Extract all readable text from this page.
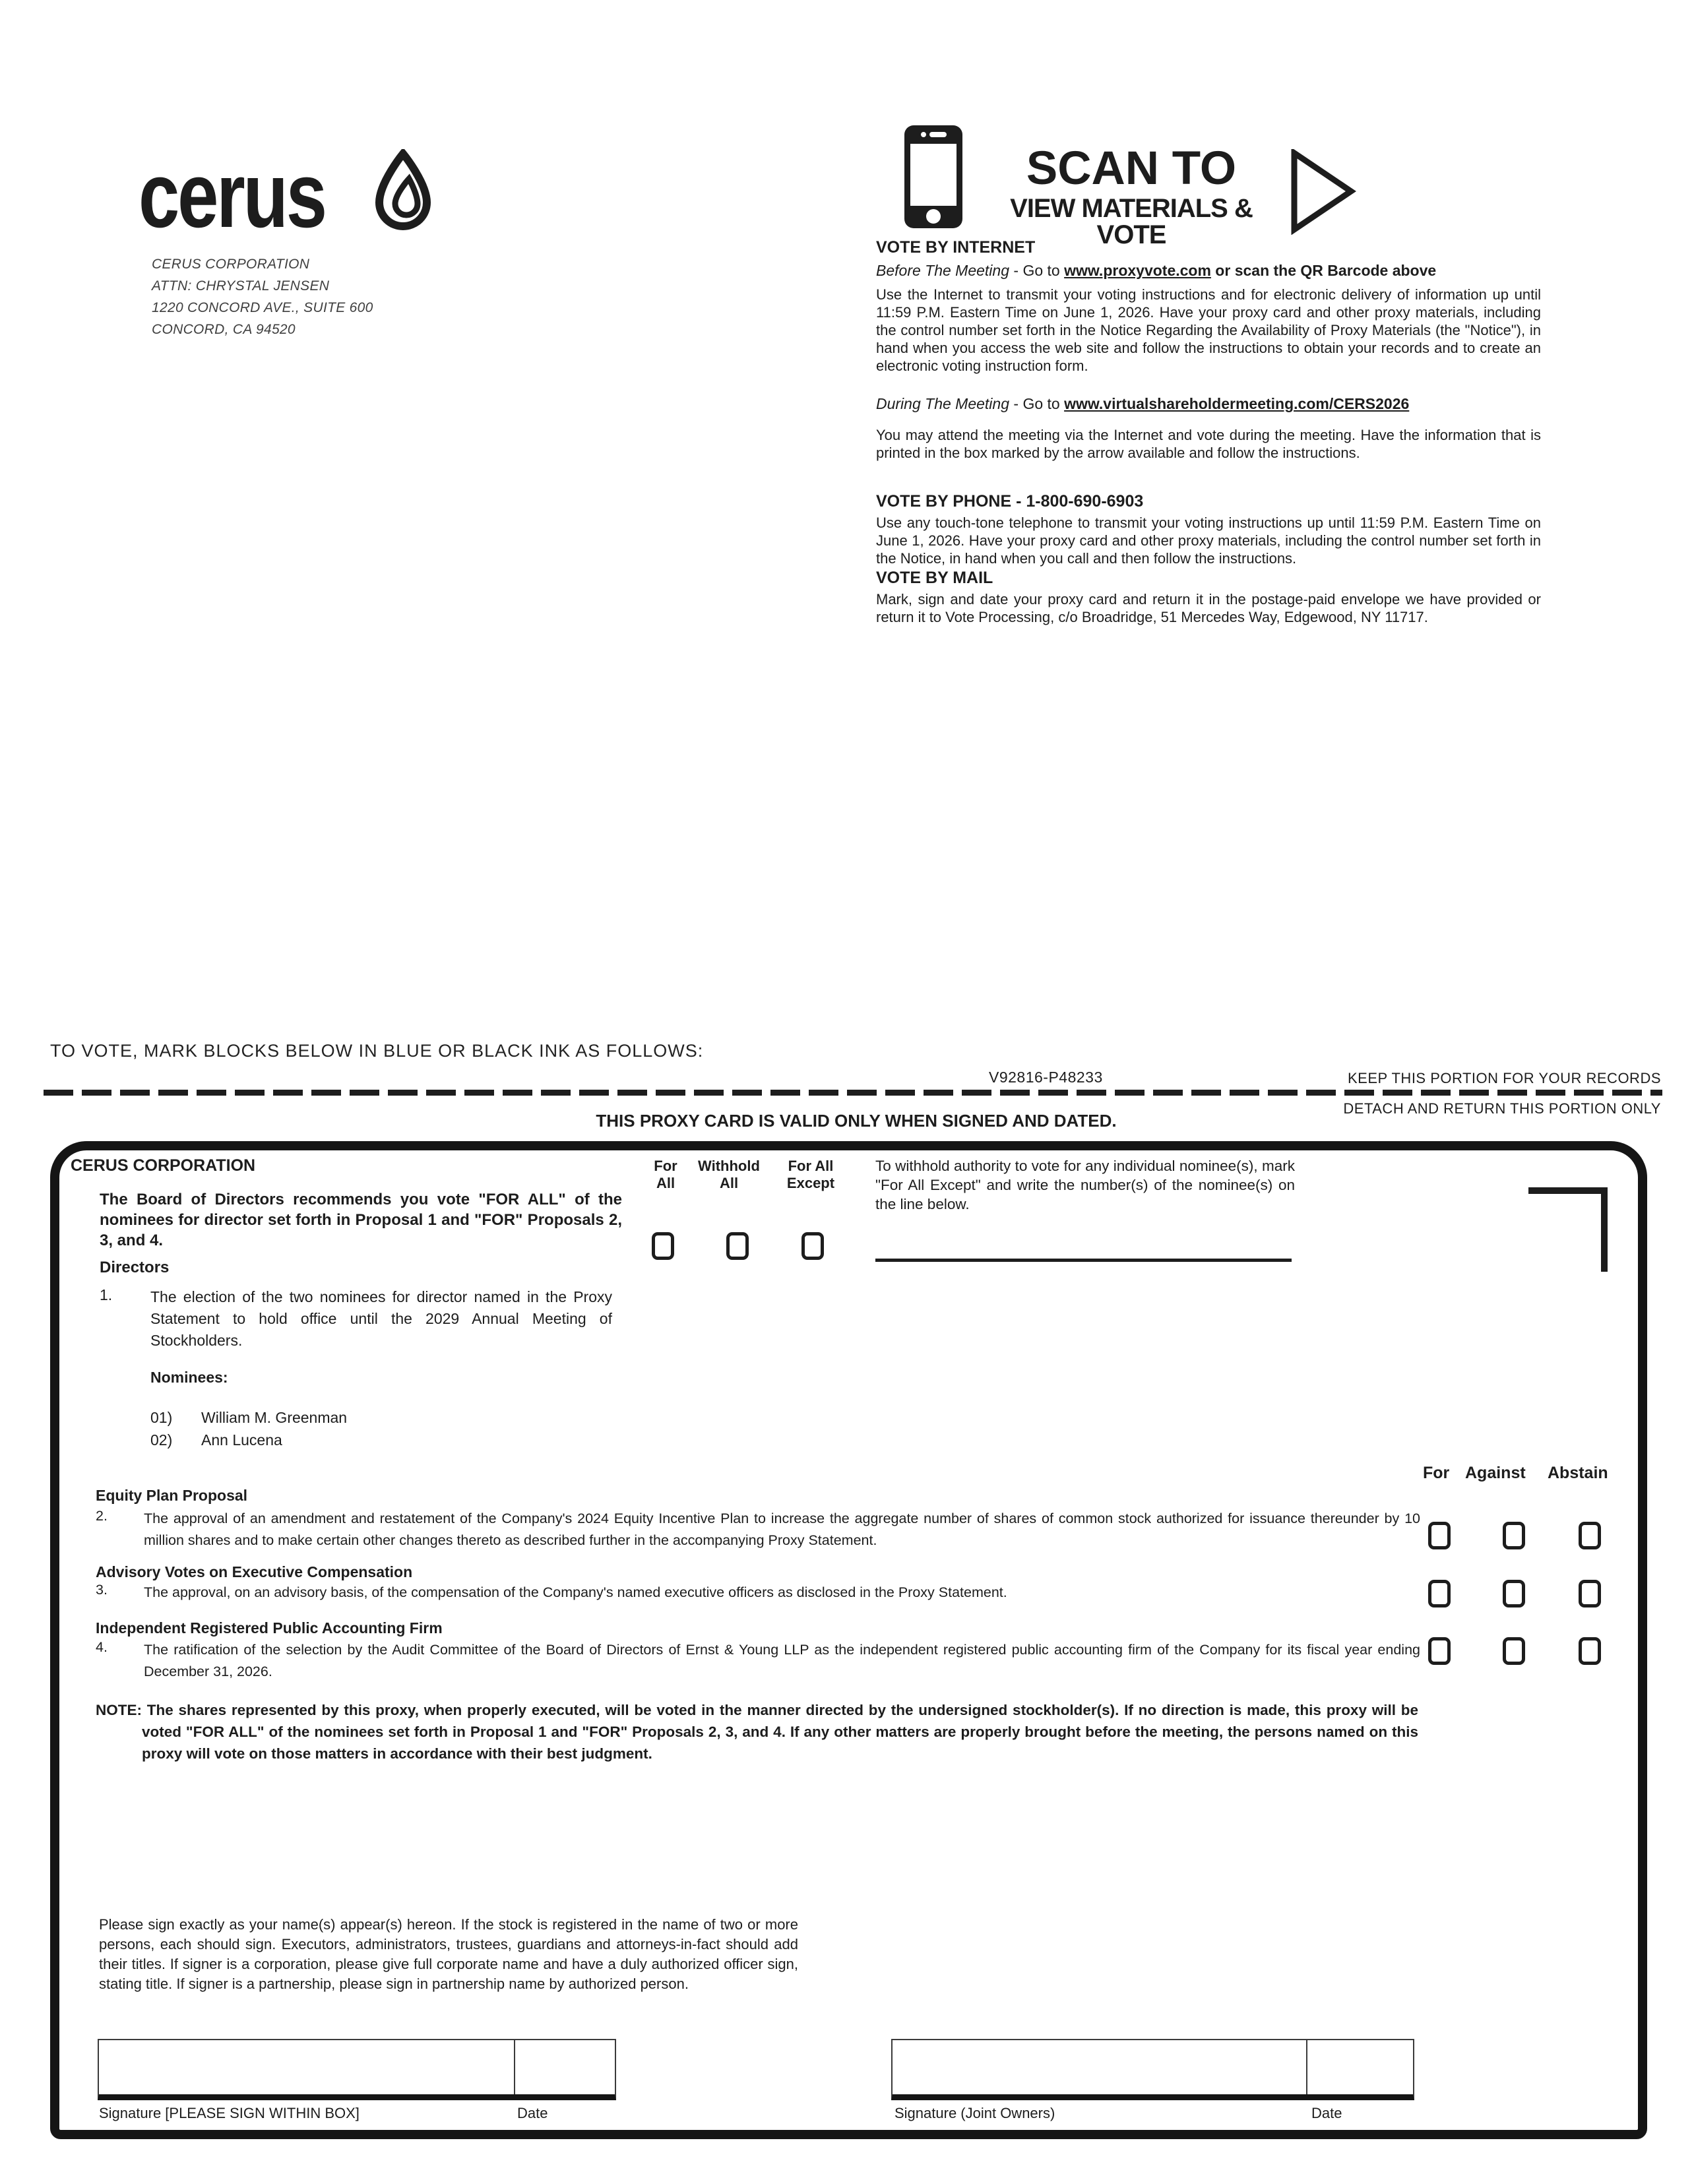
cerus
CERUS CORPORATION
ATTN: CHRYSTAL JENSEN
1220 CONCORD AVE., SUITE 600
CONCORD, CA 94520
SCAN TO
VIEW MATERIALS & VOTE
VOTE BY INTERNET
Before The Meeting - Go to www.proxyvote.com or scan the QR Barcode above
Use the Internet to transmit your voting instructions and for electronic delivery of information up until 11:59 P.M. Eastern Time on June 1, 2026. Have your proxy card and other proxy materials, including the control number set forth in the Notice Regarding the Availability of Proxy Materials (the "Notice"), in hand when you access the web site and follow the instructions to obtain your records and to create an electronic voting instruction form.
During The Meeting - Go to www.virtualshareholdermeeting.com/CERS2026
You may attend the meeting via the Internet and vote during the meeting. Have the information that is printed in the box marked by the arrow available and follow the instructions.
VOTE BY PHONE - 1-800-690-6903
Use any touch-tone telephone to transmit your voting instructions up until 11:59 P.M. Eastern Time on June 1, 2026. Have your proxy card and other proxy materials, including the control number set forth in the Notice, in hand when you call and then follow the instructions.
VOTE BY MAIL
Mark, sign and date your proxy card and return it in the postage-paid envelope we have provided or return it to Vote Processing, c/o Broadridge, 51 Mercedes Way, Edgewood, NY 11717.
TO VOTE, MARK BLOCKS BELOW IN BLUE OR BLACK INK AS FOLLOWS:
V92816-P48233	KEEP THIS PORTION FOR YOUR RECORDS
THIS PROXY CARD IS VALID ONLY WHEN SIGNED AND DATED.
DETACH AND RETURN THIS PORTION ONLY
CERUS CORPORATION
The Board of Directors recommends you vote "FOR ALL" of the nominees for director set forth in Proposal 1 and "FOR" Proposals 2, 3, and 4.
For
All
Withhold
All
For All
Except
To withhold authority to vote for any individual nominee(s), mark "For All Except" and write the number(s) of the nominee(s) on the line below.
Directors
1.	The election of the two nominees for director named in the Proxy Statement to hold office until the 2029 Annual Meeting of Stockholders.
Nominees:
01) William M. Greenman
02) Ann Lucena
For Against Abstain
Equity Plan Proposal
2.	The approval of an amendment and restatement of the Company's 2024 Equity Incentive Plan to increase the aggregate number of shares of common stock authorized for issuance thereunder by 10 million shares and to make certain other changes thereto as described further in the accompanying Proxy Statement.
Advisory Votes on Executive Compensation
3.	The approval, on an advisory basis, of the compensation of the Company's named executive officers as disclosed in the Proxy Statement.
Independent Registered Public Accounting Firm
4.	The ratification of the selection by the Audit Committee of the Board of Directors of Ernst & Young LLP as the independent registered public accounting firm of the Company for its fiscal year ending December 31, 2026.
NOTE: The shares represented by this proxy, when properly executed, will be voted in the manner directed by the undersigned stockholder(s). If no direction is made, this proxy will be voted "FOR ALL" of the nominees set forth in Proposal 1 and "FOR" Proposals 2, 3, and 4. If any other matters are properly brought before the meeting, the persons named on this proxy will vote on those matters in accordance with their best judgment.
Please sign exactly as your name(s) appear(s) hereon. If the stock is registered in the name of two or more persons, each should sign. Executors, administrators, trustees, guardians and attorneys-in-fact should add their titles. If signer is a corporation, please give full corporate name and have a duly authorized officer sign, stating title. If signer is a partnership, please sign in partnership name by authorized person.
Signature [PLEASE SIGN WITHIN BOX]	Date	Signature (Joint Owners)	Date
